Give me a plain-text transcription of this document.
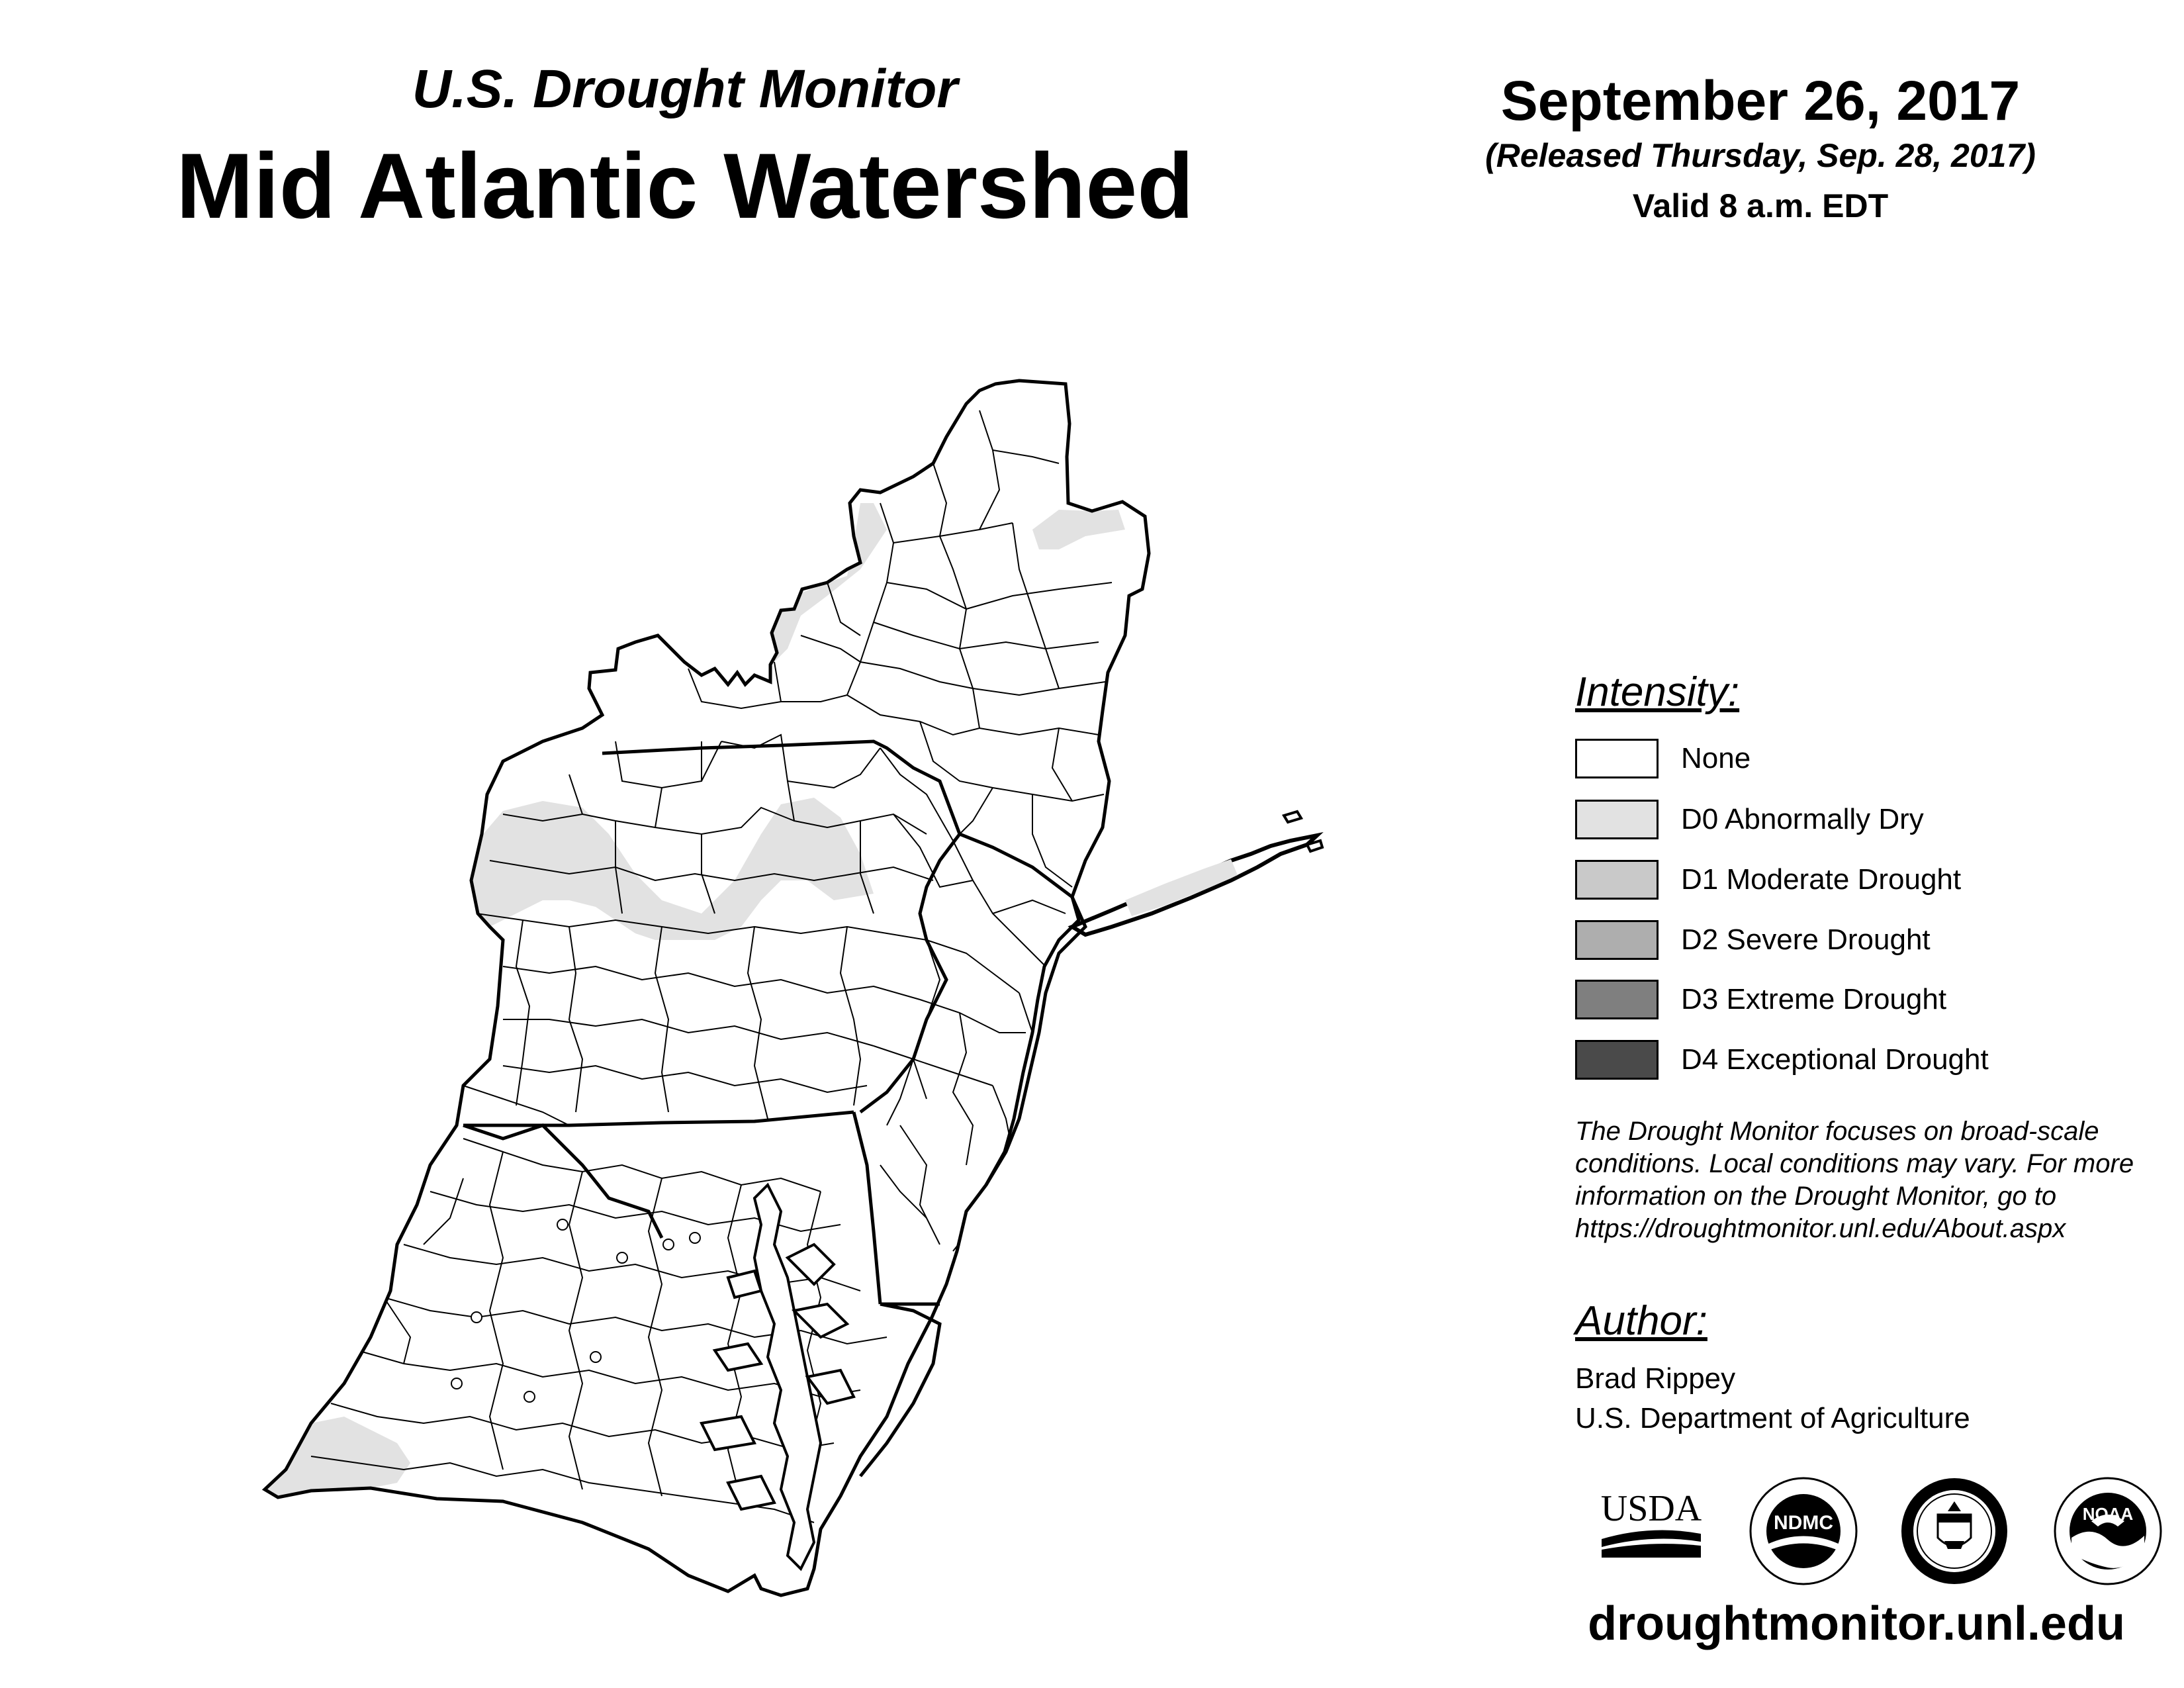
U.S. Drought Monitor
Mid Atlantic Watershed
September 26, 2017
(Released Thursday, Sep. 28, 2017)
Valid 8 a.m. EDT
Intensity:
None
D0 Abnormally Dry
D1 Moderate Drought
D2 Severe Drought
D3 Extreme Drought
D4 Exceptional Drought
The Drought Monitor focuses on broad-scale
conditions. Local conditions may vary. For more
information on the Drought Monitor, go to
https://droughtmonitor.unl.edu/About.aspx
Author:
Brad Rippey
U.S. Department of Agriculture
USDA	NDMC	NOAA
droughtmonitor.unl.edu
